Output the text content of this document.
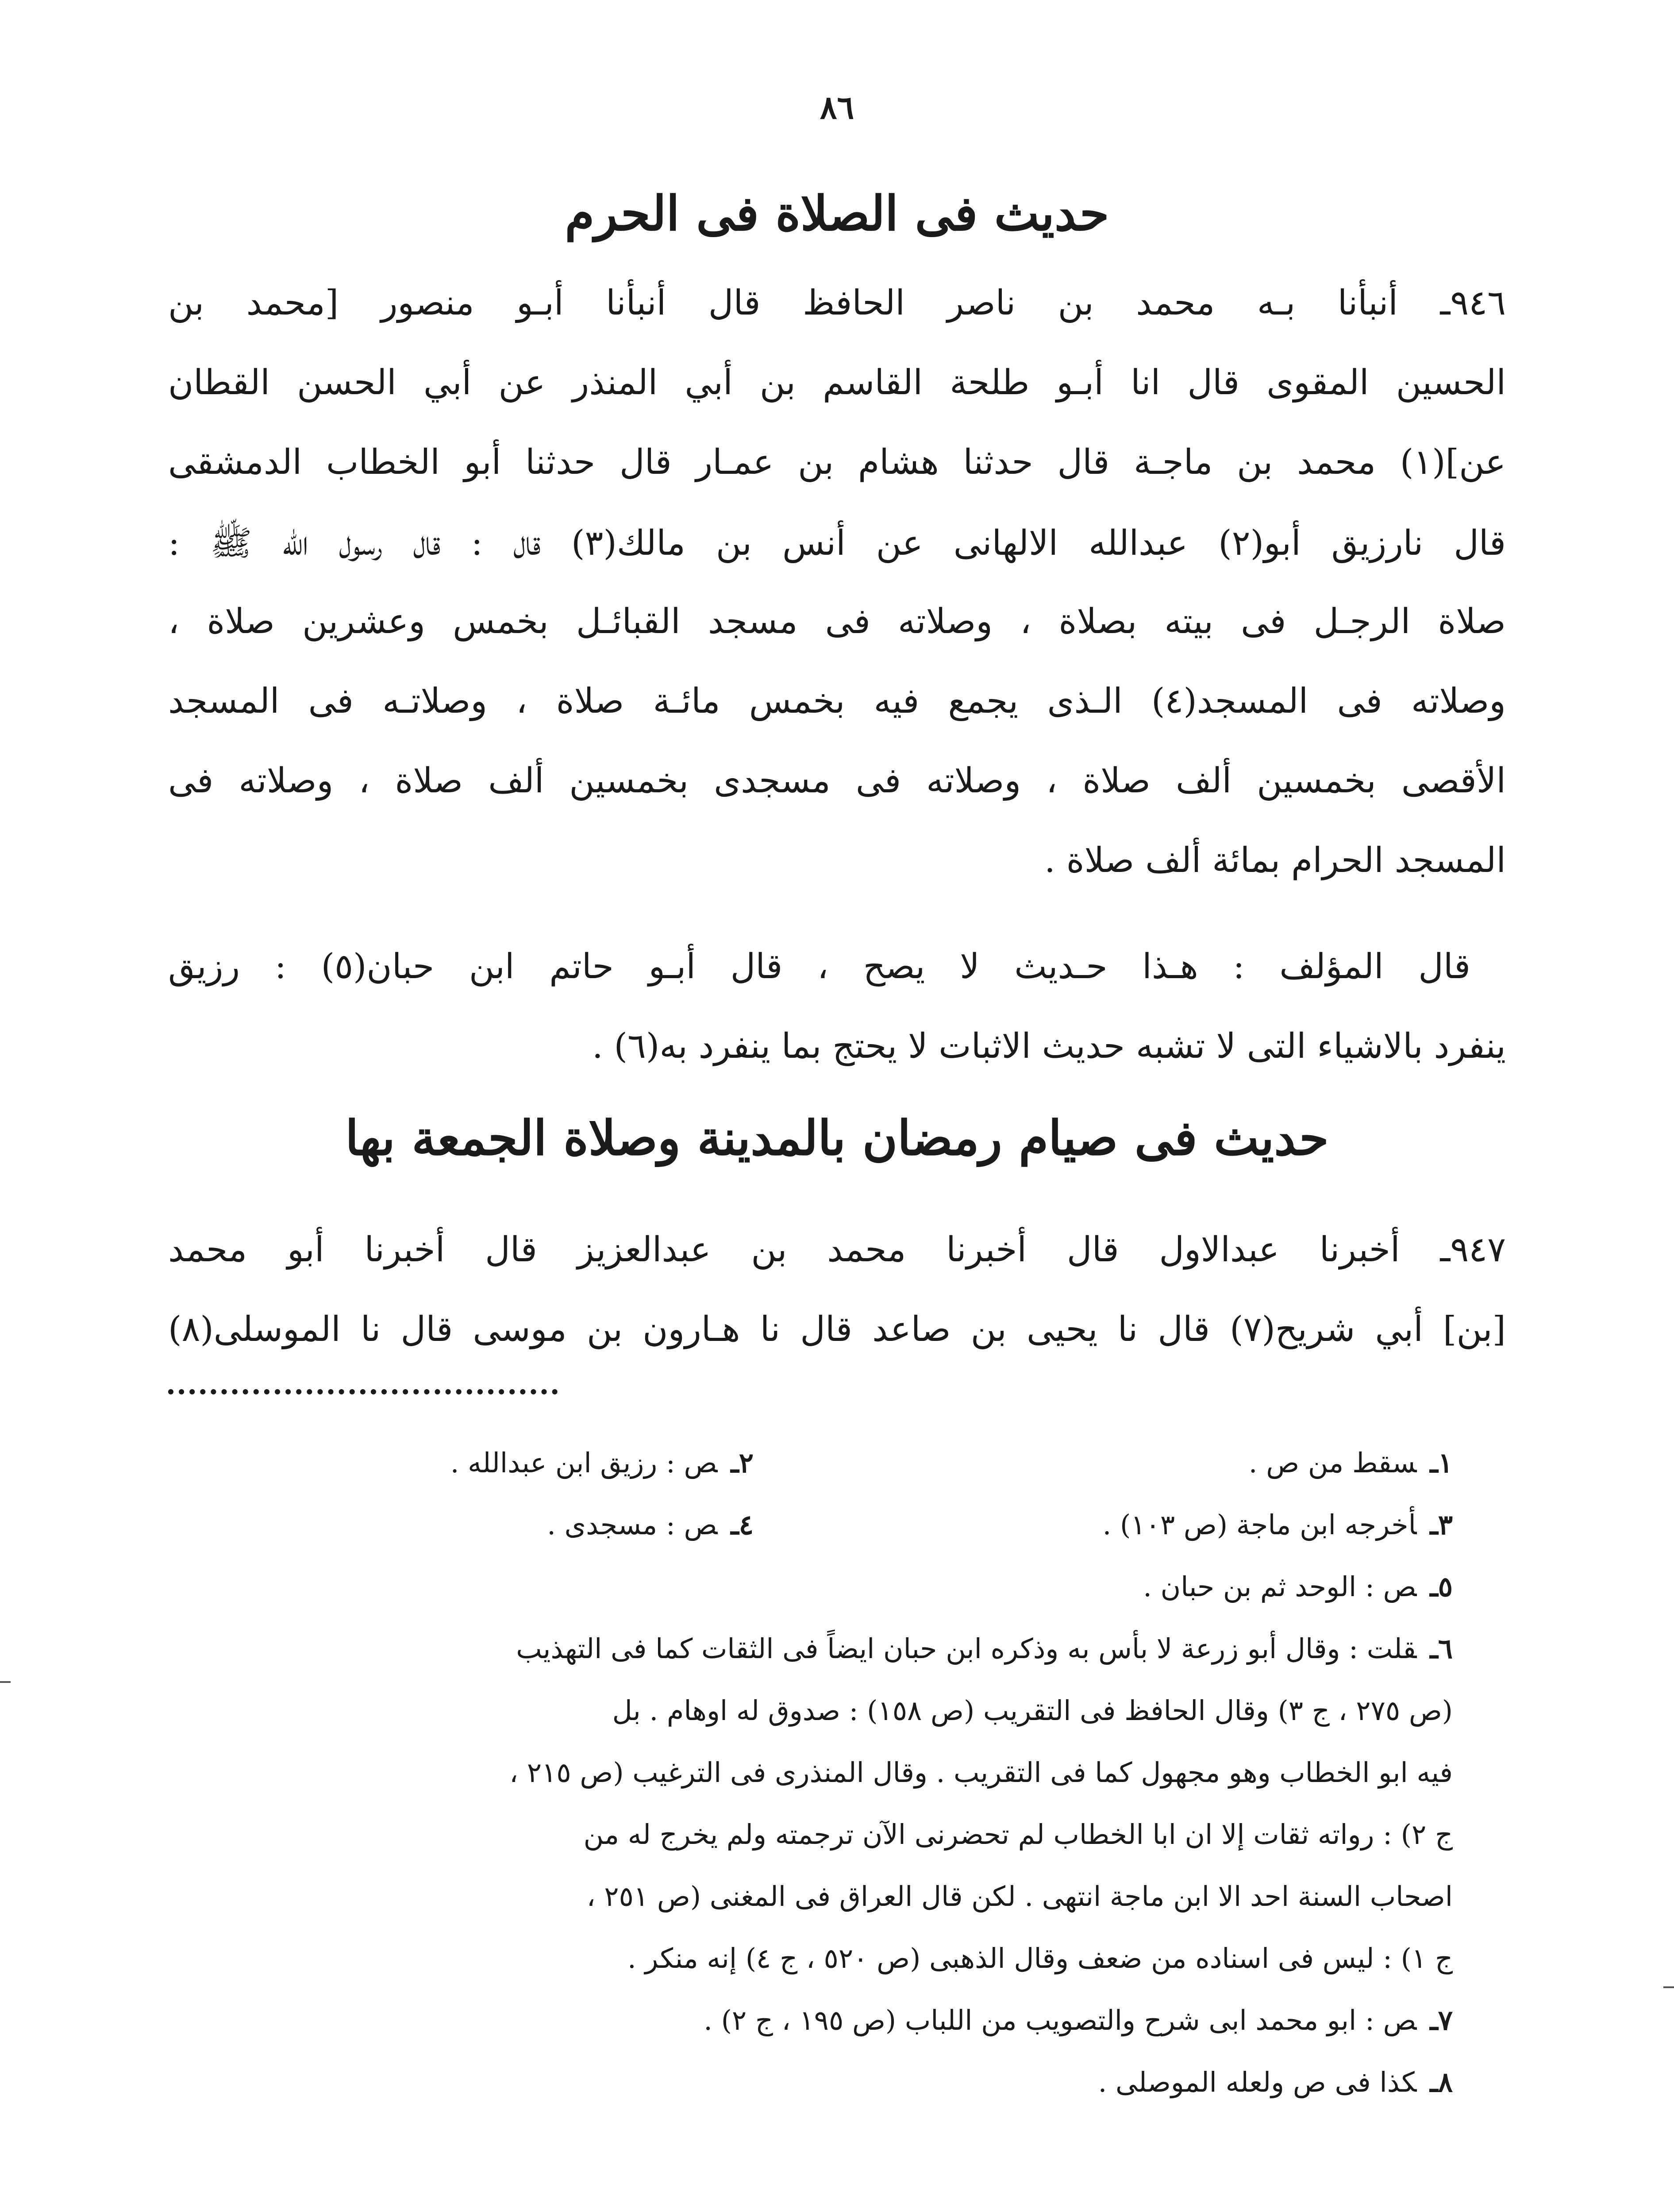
٨٦
حديث فى الصلاة فى الحرم
٩٤٦ـ أنبأنا بـه محمد بن ناصر الحافظ قال أنبأنا أبـو منصور [محمد بن
الحسين المقوى قال انا أبـو طلحة القاسم بن أبي المنذر عن أبي الحسن القطان
عن](١) محمد بن ماجـة قال حدثنا هشام بن عمـار قال حدثنا أبو الخطاب الدمشقى
قال نارزيق أبو(٢) عبدالله الالهانى عن أنس بن مالك(٣) قال : قال رسول الله ﷺ :
صلاة الرجـل فى بيته بصلاة ، وصلاته فى مسجد القبائـل بخمس وعشرين صلاة ،
وصلاته فى المسجد(٤) الـذى يجمع فيه بخمس مائـة صلاة ، وصلاتـه فى المسجد
الأقصى بخمسين ألف صلاة ، وصلاته فى مسجدى بخمسين ألف صلاة ، وصلاته فى
المسجد الحرام بمائة ألف صلاة .
قال المؤلف : هـذا حـديث لا يصح ، قال أبـو حاتم ابن حبان(٥) : رزيق
ينفرد بالاشياء التى لا تشبه حديث الاثبات لا يحتج بما ينفرد به(٦) .
حديث فى صيام رمضان بالمدينة وصلاة الجمعة بها
٩٤٧ـ أخبرنا عبدالاول قال أخبرنا محمد بن عبدالعزيز قال أخبرنا أبو محمد
[بن] أبي شريح(٧) قال نا يحيى بن صاعد قال نا هـارون بن موسى قال نا الموسلى(٨)
١ـسقط من ص .
٢ـص : رزيق ابن عبدالله .
٣ـأخرجه ابن ماجة (ص ١٠٣) .
٤ـص : مسجدى .
٥ـص : الوحد ثم بن حبان .
٦ـقلت : وقال أبو زرعة لا بأس به وذكره ابن حبان ايضاً فى الثقات كما فى التهذيب
(ص ٢٧٥ ، ج ٣) وقال الحافظ فى التقريب (ص ١٥٨) : صدوق له اوهام . بل
فيه ابو الخطاب وهو مجهول كما فى التقريب . وقال المنذرى فى الترغيب (ص ٢١٥ ،
ج ٢) : رواته ثقات إلا ان ابا الخطاب لم تحضرنى الآن ترجمته ولم يخرج له من
اصحاب السنة احد الا ابن ماجة انتهى . لكن قال العراق فى المغنى (ص ٢٥١ ،
ج ١) : ليس فى اسناده من ضعف وقال الذهبى (ص ٥٢٠ ، ج ٤) إنه منكر .
٧ـص : ابو محمد ابى شرح والتصويب من اللباب (ص ١٩٥ ، ج ٢) .
٨ـكذا فى ص ولعله الموصلى .
